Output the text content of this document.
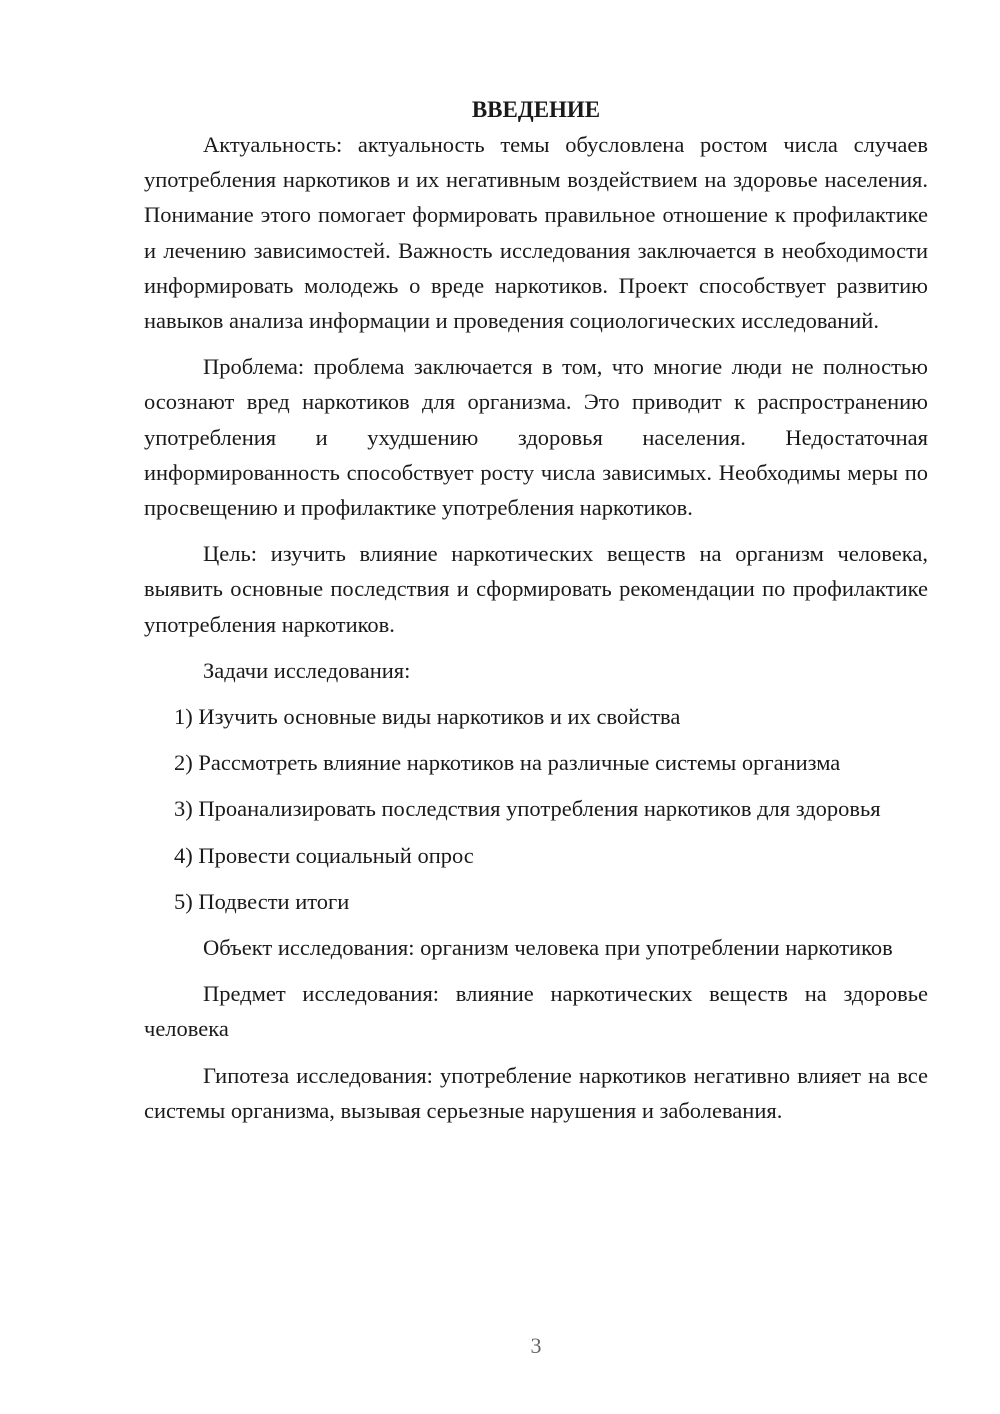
ВВЕДЕНИЕ

Актуальность: актуальность темы обусловлена ростом числа случаев употребления наркотиков и их негативным воздействием на здоровье населения. Понимание этого помогает формировать правильное отношение к профилактике и лечению зависимостей. Важность исследования заключается в необходимости информировать молодежь о вреде наркотиков. Проект способствует развитию навыков анализа информации и проведения социологических исследований.

Проблема: проблема заключается в том, что многие люди не полностью осознают вред наркотиков для организма. Это приводит к распространению употребления и ухудшению здоровья населения. Недостаточная информированность способствует росту числа зависимых. Необходимы меры по просвещению и профилактике употребления наркотиков.

Цель: изучить влияние наркотических веществ на организм человека, выявить основные последствия и сформировать рекомендации по профилактике употребления наркотиков.

Задачи исследования:

1) Изучить основные виды наркотиков и их свойства

2) Рассмотреть влияние наркотиков на различные системы организма

3) Проанализировать последствия употребления наркотиков для здоровья

4) Провести социальный опрос

5) Подвести итоги

Объект исследования: организм человека при употреблении наркотиков

Предмет исследования: влияние наркотических веществ на здоровье человека

Гипотеза исследования: употребление наркотиков негативно влияет на все системы организма, вызывая серьезные нарушения и заболевания.

3
